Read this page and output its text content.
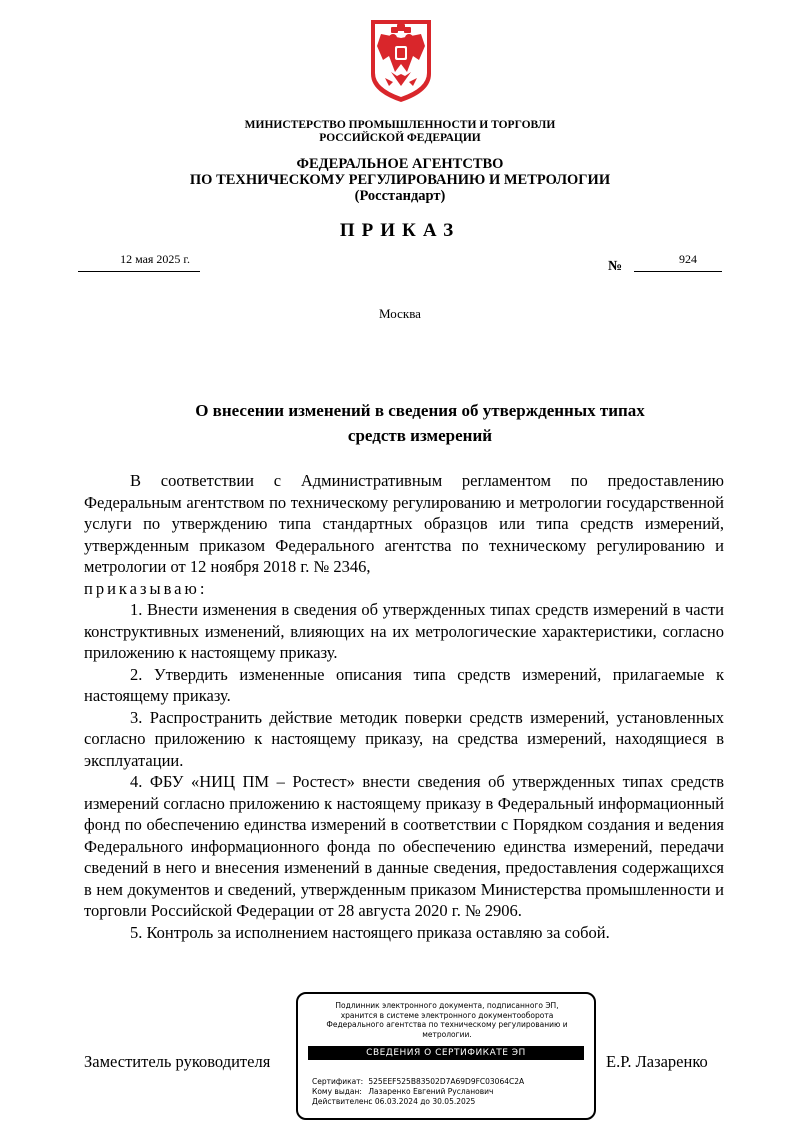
МИНИСТЕРСТВО ПРОМЫШЛЕННОСТИ И ТОРГОВЛИ
РОССИЙСКОЙ ФЕДЕРАЦИИ
ФЕДЕРАЛЬНОЕ АГЕНТСТВО
ПО ТЕХНИЧЕСКОМУ РЕГУЛИРОВАНИЮ И МЕТРОЛОГИИ
(Росстандарт)
ПРИКАЗ
12 мая 2025 г.	№	924
Москва
О внесении изменений в сведения об утвержденных типах
средств измерений

В соответствии с Административным регламентом по предоставлению Федеральным агентством по техническому регулированию и метрологии государственной услуги по утверждению типа стандартных образцов или типа средств измерений, утвержденным приказом Федерального агентства по техническому регулированию и метрологии от 12 ноября 2018 г. № 2346,

приказываю:

1. Внести изменения в сведения об утвержденных типах средств измерений в части конструктивных изменений, влияющих на их метрологические характеристики, согласно приложению к настоящему приказу.

2. Утвердить измененные описания типа средств измерений, прилагаемые к настоящему приказу.

3. Распространить действие методик поверки средств измерений, установленных согласно приложению к настоящему приказу, на средства измерений, находящиеся в эксплуатации.

4. ФБУ «НИЦ ПМ – Ростест» внести сведения об утвержденных типах средств измерений согласно приложению к настоящему приказу в Федеральный информационный фонд по обеспечению единства измерений в соответствии с Порядком создания и ведения Федерального информационного фонда по обеспечению единства измерений, передачи сведений в него и внесения изменений в данные сведения, предоставления содержащихся в нем документов и сведений, утвержденным приказом Министерства промышленности и торговли Российской Федерации от 28 августа 2020 г. № 2906.

5. Контроль за исполнением настоящего приказа оставляю за собой.

Заместитель руководителя	Е.Р. Лазаренко
Подлинник электронного документа, подписанного ЭП,
хранится в системе электронного документооборота
Федерального агентства по техническому регулированию и
метрологии.
СВЕДЕНИЯ О СЕРТИФИКАТЕ ЭП
Сертификат: 525EEF525B83502D7A69D9FC03064C2A
Кому выдан: Лазаренко Евгений Русланович
Действителен: с 06.03.2024 до 30.05.2025
